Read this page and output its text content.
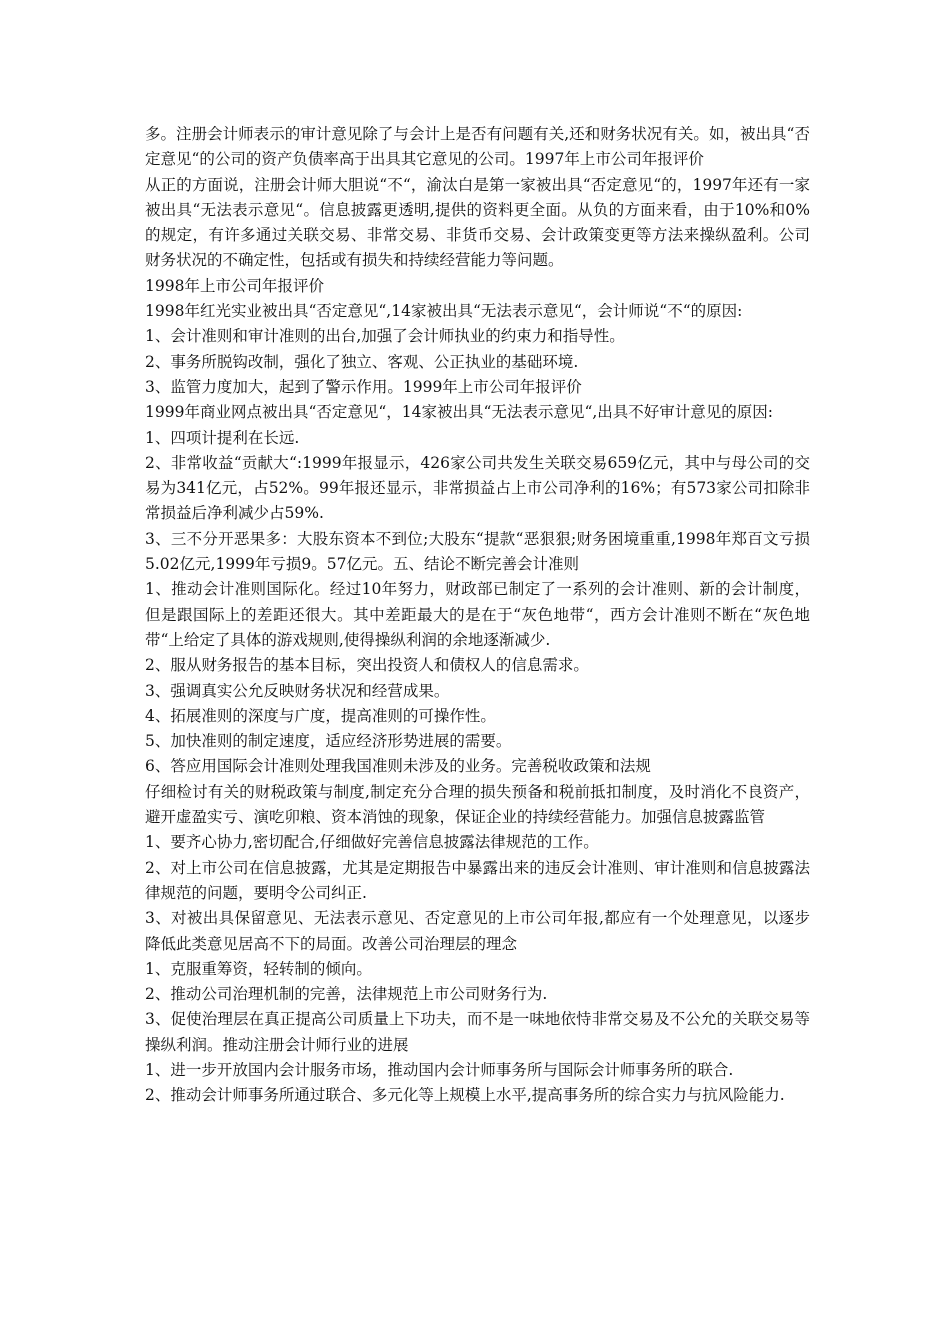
多。注册会计师表示的审计意见除了与会计上是否有问题有关,还和财务状况有关。如，被出具“否定意见“的公司的资产负债率高于出具其它意见的公司。1997年上市公司年报评价

从正的方面说，注册会计师大胆说“不“，渝汰白是第一家被出具“否定意见“的，1997年还有一家被出具“无法表示意见“。信息披露更透明,提供的资料更全面。从负的方面来看，由于10%和0%的规定，有许多通过关联交易、非常交易、非货币交易、会计政策变更等方法来操纵盈利。公司财务状况的不确定性，包括或有损失和持续经营能力等问题。

1998年上市公司年报评价

1998年红光实业被出具“否定意见“,14家被出具“无法表示意见“，会计师说“不“的原因:

1、会计准则和审计准则的出台,加强了会计师执业的约束力和指导性。

2、事务所脱钩改制，强化了独立、客观、公正执业的基础环境.

3、监管力度加大，起到了警示作用。1999年上市公司年报评价

1999年商业网点被出具“否定意见“，14家被出具“无法表示意见“,出具不好审计意见的原因:

1、四项计提利在长远.

2、非常收益“贡献大“:1999年报显示，426家公司共发生关联交易659亿元，其中与母公司的交易为341亿元，占52%。99年报还显示，非常损益占上市公司净利的16%；有573家公司扣除非常损益后净利减少占59%.

3、三不分开恶果多：大股东资本不到位;大股东“提款“恶狠狠;财务困境重重,1998年郑百文亏损5.02亿元,1999年亏损9。57亿元。五、结论不断完善会计准则

1、推动会计准则国际化。经过10年努力，财政部已制定了一系列的会计准则、新的会计制度，但是跟国际上的差距还很大。其中差距最大的是在于“灰色地带“，西方会计准则不断在“灰色地带“上给定了具体的游戏规则,使得操纵利润的余地逐渐减少.

2、服从财务报告的基本目标，突出投资人和债权人的信息需求。

3、强调真实公允反映财务状况和经营成果。

4、拓展准则的深度与广度，提高准则的可操作性。

5、加快准则的制定速度，适应经济形势进展的需要。

6、答应用国际会计准则处理我国准则未涉及的业务。完善税收政策和法规

仔细检讨有关的财税政策与制度,制定充分合理的损失预备和税前抵扣制度，及时消化不良资产，避开虚盈实亏、演吃卯粮、资本消蚀的现象，保证企业的持续经营能力。加强信息披露监管

1、要齐心协力,密切配合,仔细做好完善信息披露法律规范的工作。

2、对上市公司在信息披露，尤其是定期报告中暴露出来的违反会计准则、审计准则和信息披露法律规范的问题，要明令公司纠正.

3、对被出具保留意见、无法表示意见、否定意见的上市公司年报,都应有一个处理意见，以逐步降低此类意见居高不下的局面。改善公司治理层的理念

1、克服重筹资，轻转制的倾向。

2、推动公司治理机制的完善，法律规范上市公司财务行为.

3、促使治理层在真正提高公司质量上下功夫，而不是一味地依恃非常交易及不公允的关联交易等操纵利润。推动注册会计师行业的进展

1、进一步开放国内会计服务市场，推动国内会计师事务所与国际会计师事务所的联合.

2、推动会计师事务所通过联合、多元化等上规模上水平,提高事务所的综合实力与抗风险能力.
